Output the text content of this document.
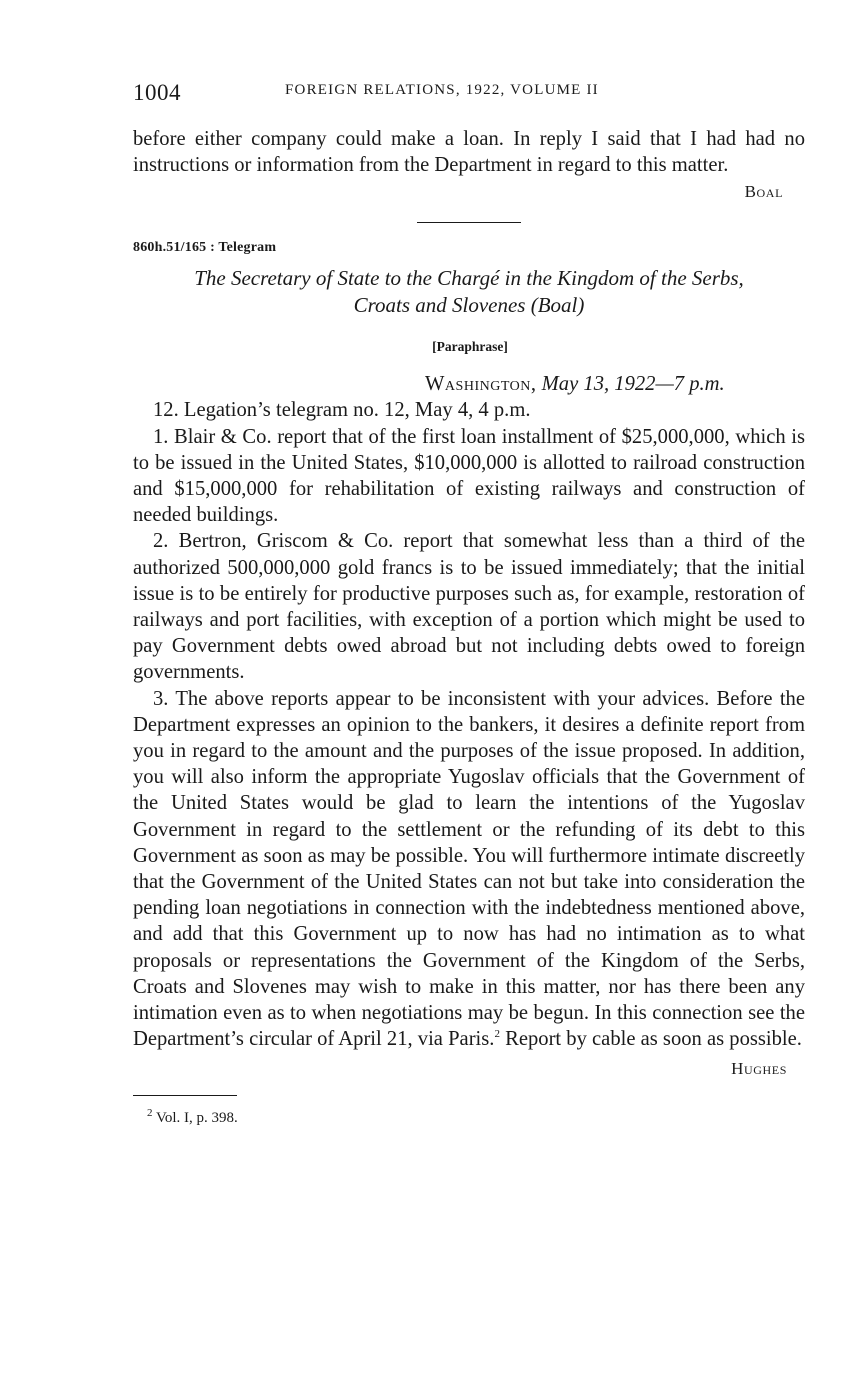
1004	FOREIGN RELATIONS, 1922, VOLUME II

before either company could make a loan. In reply I said that I had had no instructions or information from the Department in regard to this matter.

Boal
860h.51/165 : Telegram
The Secretary of State to the Chargé in the Kingdom of the Serbs,
Croats and Slovenes (Boal)
[Paraphrase]
Washington, May 13, 1922—7 p.m.

12. Legation’s telegram no. 12, May 4, 4 p.m.

1. Blair & Co. report that of the first loan installment of $25,000,000, which is to be issued in the United States, $10,000,000 is allotted to railroad construction and $15,000,000 for rehabilitation of existing railways and construction of needed buildings.

2. Bertron, Griscom & Co. report that somewhat less than a third of the authorized 500,000,000 gold francs is to be issued immediately; that the initial issue is to be entirely for productive purposes such as, for example, restoration of railways and port facilities, with exception of a portion which might be used to pay Government debts owed abroad but not including debts owed to foreign governments.

3. The above reports appear to be inconsistent with your advices. Before the Department expresses an opinion to the bankers, it desires a definite report from you in regard to the amount and the purposes of the issue proposed. In addition, you will also inform the appropriate Yugoslav officials that the Government of the United States would be glad to learn the intentions of the Yugoslav Government in regard to the settlement or the refunding of its debt to this Government as soon as may be possible. You will furthermore intimate discreetly that the Government of the United States can not but take into consideration the pending loan negotiations in connection with the indebtedness mentioned above, and add that this Government up to now has had no intimation as to what proposals or representations the Government of the Kingdom of the Serbs, Croats and Slovenes may wish to make in this matter, nor has there been any intimation even as to when negotiations may be begun. In this connection see the Department’s circular of April 21, via Paris.$^2$ Report by cable as soon as possible.

Hughes
$^2$ Vol. I, p. 398.
